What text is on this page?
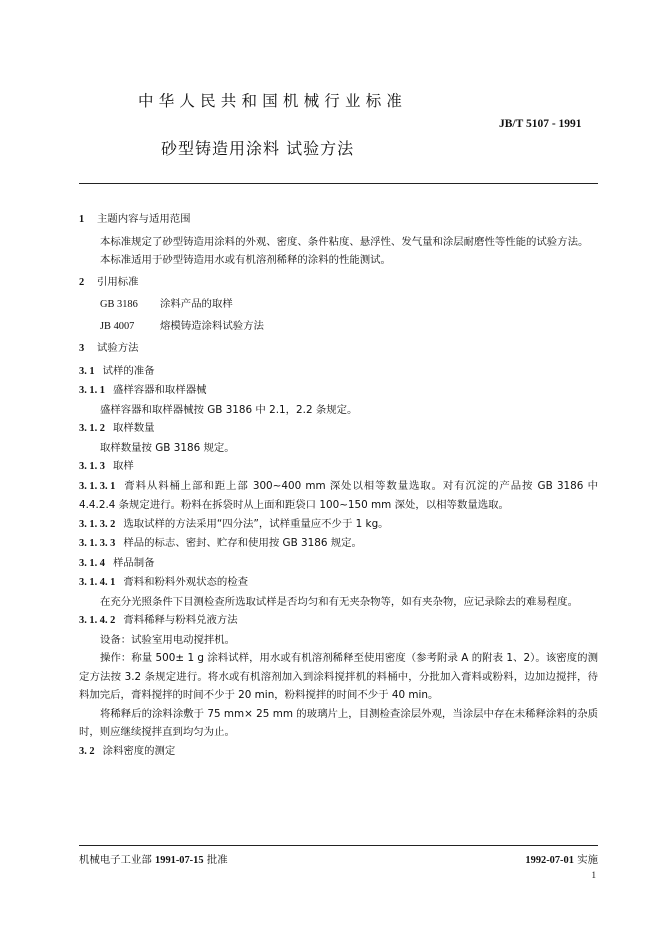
中华人民共和国机械行业标准
JB/T 5107 - 1991
砂型铸造用涂料 试验方法

1 主题内容与适用范围

本标准规定了砂型铸造用涂料的外观、密度、条件粘度、悬浮性、发气量和涂层耐磨性等性能的试验方法。

本标准适用于砂型铸造用水或有机溶剂稀释的涂料的性能测试。

2 引用标准

GB 3186 涂料产品的取样

JB 4007 熔模铸造涂料试验方法

3 试验方法

3. 1 试样的准备

3. 1. 1 盛样容器和取样器械

盛样容器和取样器械按 GB 3186 中 2.1，2.2 条规定。

3. 1. 2 取样数量

取样数量按 GB 3186 规定。

3. 1. 3 取样

3. 1. 3. 1 膏料从料桶上部和距上部 300~400 mm 深处以相等数量选取。对有沉淀的产品按 GB 3186 中 4.4.2.4 条规定进行。粉料在拆袋时从上面和距袋口 100~150 mm 深处，以相等数量选取。

3. 1. 3. 2 选取试样的方法采用“四分法”，试样重量应不少于 1 kg。

3. 1. 3. 3 样品的标志、密封、贮存和使用按 GB 3186 规定。

3. 1. 4 样品制备

3. 1. 4. 1 膏料和粉料外观状态的检查

在充分光照条件下目测检查所选取试样是否均匀和有无夹杂物等，如有夹杂物，应记录除去的难易程度。

3. 1. 4. 2 膏料稀释与粉料兑液方法

设备：试验室用电动搅拌机。

操作：称量 500± 1 g 涂料试样，用水或有机溶剂稀释至使用密度（参考附录 A 的附表 1、2）。该密度的测定方法按 3.2 条规定进行。将水或有机溶剂加入到涂料搅拌机的料桶中，分批加入膏料或粉料，边加边搅拌，待料加完后，膏料搅拌的时间不少于 20 min，粉料搅拌的时间不少于 40 min。

将稀释后的涂料涂敷于 75 mm× 25 mm 的玻璃片上，目测检查涂层外观，当涂层中存在未稀释涂料的杂质时，则应继续搅拌直到均匀为止。

3. 2 涂料密度的测定

机械电子工业部 1991-07-15 批准	1992-07-01 实施
1
